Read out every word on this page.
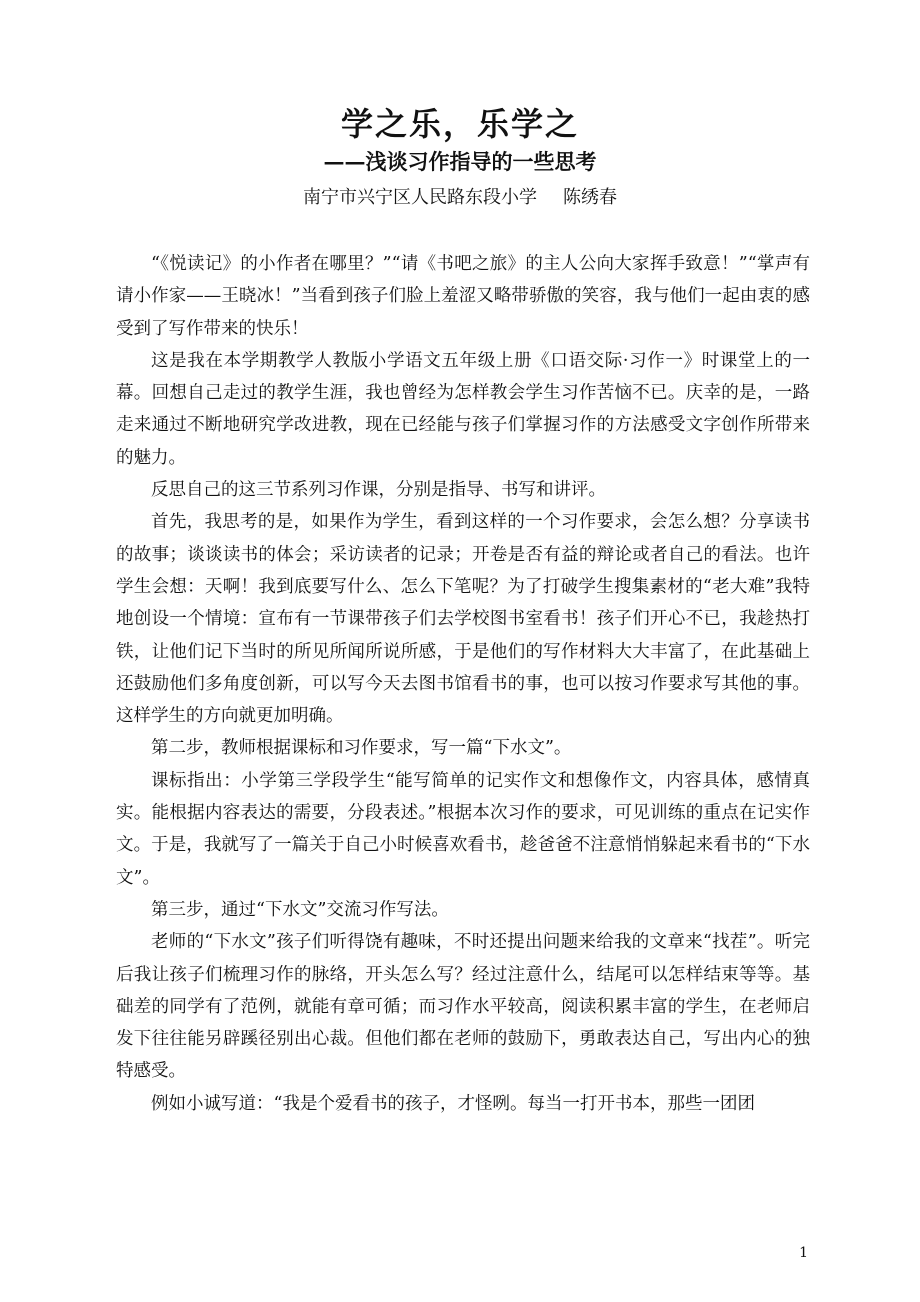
学之乐，乐学之
——浅谈习作指导的一些思考
南宁市兴宁区人民路东段小学 陈绣春

“《悦读记》的小作者在哪里？”“请《书吧之旅》的主人公向大家挥手致意！”“掌声有请小作家——王晓冰！”当看到孩子们脸上羞涩又略带骄傲的笑容，我与他们一起由衷的感受到了写作带来的快乐！

这是我在本学期教学人教版小学语文五年级上册《口语交际·习作一》时课堂上的一幕。回想自己走过的教学生涯，我也曾经为怎样教会学生习作苦恼不已。庆幸的是，一路走来通过不断地研究学改进教，现在已经能与孩子们掌握习作的方法感受文字创作所带来的魅力。

反思自己的这三节系列习作课，分别是指导、书写和讲评。

首先，我思考的是，如果作为学生，看到这样的一个习作要求，会怎么想？分享读书的故事；谈谈读书的体会；采访读者的记录；开卷是否有益的辩论或者自己的看法。也许学生会想：天啊！我到底要写什么、怎么下笔呢？为了打破学生搜集素材的“老大难”我特地创设一个情境：宣布有一节课带孩子们去学校图书室看书！孩子们开心不已，我趁热打铁，让他们记下当时的所见所闻所说所感，于是他们的写作材料大大丰富了，在此基础上还鼓励他们多角度创新，可以写今天去图书馆看书的事，也可以按习作要求写其他的事。这样学生的方向就更加明确。

第二步，教师根据课标和习作要求，写一篇“下水文”。

课标指出：小学第三学段学生“能写简单的记实作文和想像作文，内容具体，感情真实。能根据内容表达的需要，分段表述。”根据本次习作的要求，可见训练的重点在记实作文。于是，我就写了一篇关于自己小时候喜欢看书，趁爸爸不注意悄悄躲起来看书的“下水文”。

第三步，通过“下水文”交流习作写法。

老师的“下水文”孩子们听得饶有趣味，不时还提出问题来给我的文章来“找茬”。听完后我让孩子们梳理习作的脉络，开头怎么写？经过注意什么，结尾可以怎样结束等等。基础差的同学有了范例，就能有章可循；而习作水平较高，阅读积累丰富的学生，在老师启发下往往能另辟蹊径别出心裁。但他们都在老师的鼓励下，勇敢表达自己，写出内心的独特感受。

例如小诚写道：“我是个爱看书的孩子，才怪咧。每当一打开书本，那些一团团

1
